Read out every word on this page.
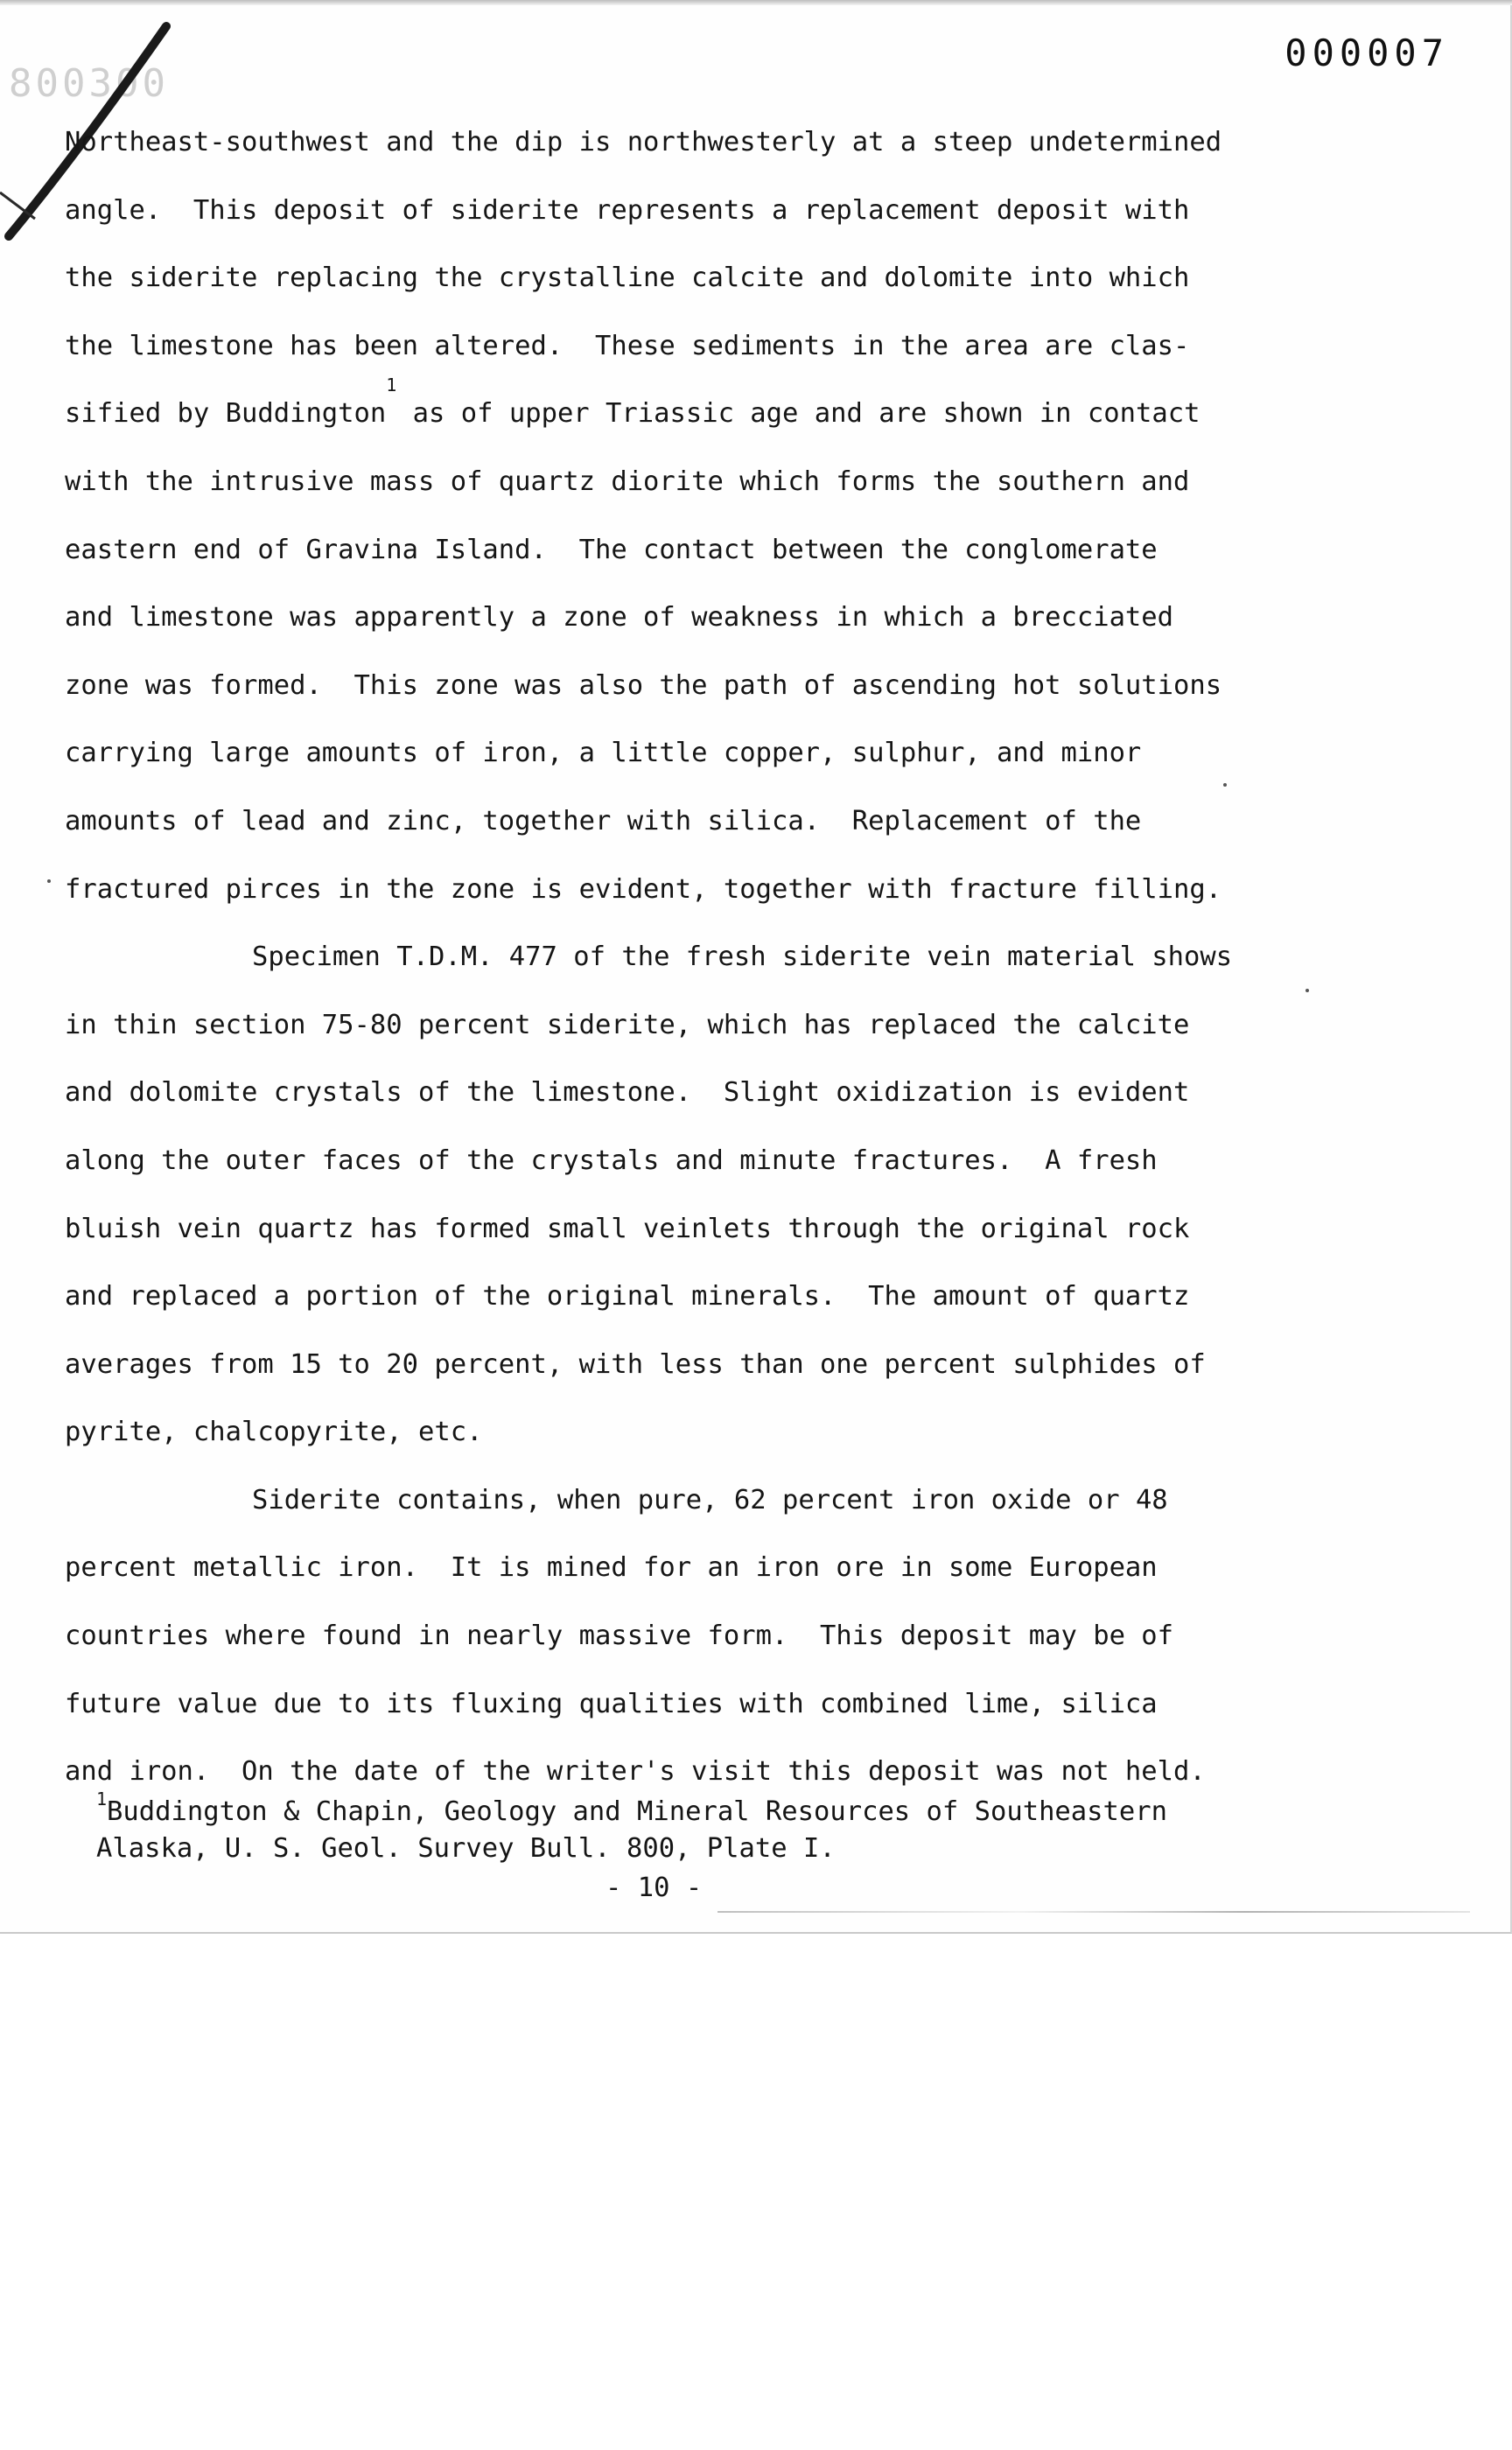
800300
000007
Northeast-southwest and the dip is northwesterly at a steep undetermined
angle.  This deposit of siderite represents a replacement deposit with
the siderite replacing the crystalline calcite and dolomite into which
the limestone has been altered.  These sediments in the area are clas-
sified by Buddington$^1$ as of upper Triassic age and are shown in contact
with the intrusive mass of quartz diorite which forms the southern and
eastern end of Gravina Island.  The contact between the conglomerate
and limestone was apparently a zone of weakness in which a brecciated
zone was formed.  This zone was also the path of ascending hot solutions
carrying large amounts of iron, a little copper, sulphur, and minor
amounts of lead and zinc, together with silica.  Replacement of the
fractured pirces in the zone is evident, together with fracture filling.
Specimen T.D.M. 477 of the fresh siderite vein material shows
in thin section 75-80 percent siderite, which has replaced the calcite
and dolomite crystals of the limestone.  Slight oxidization is evident
along the outer faces of the crystals and minute fractures.  A fresh
bluish vein quartz has formed small veinlets through the original rock
and replaced a portion of the original minerals.  The amount of quartz
averages from 15 to 20 percent, with less than one percent sulphides of
pyrite, chalcopyrite, etc.
Siderite contains, when pure, 62 percent iron oxide or 48
percent metallic iron.  It is mined for an iron ore in some European
countries where found in nearly massive form.  This deposit may be of
future value due to its fluxing qualities with combined lime, silica
and iron.  On the date of the writer's visit this deposit was not held.
$^1$Buddington & Chapin, Geology and Mineral Resources of Southeastern
Alaska, U. S. Geol. Survey Bull. 800, Plate I.
- 10 -
